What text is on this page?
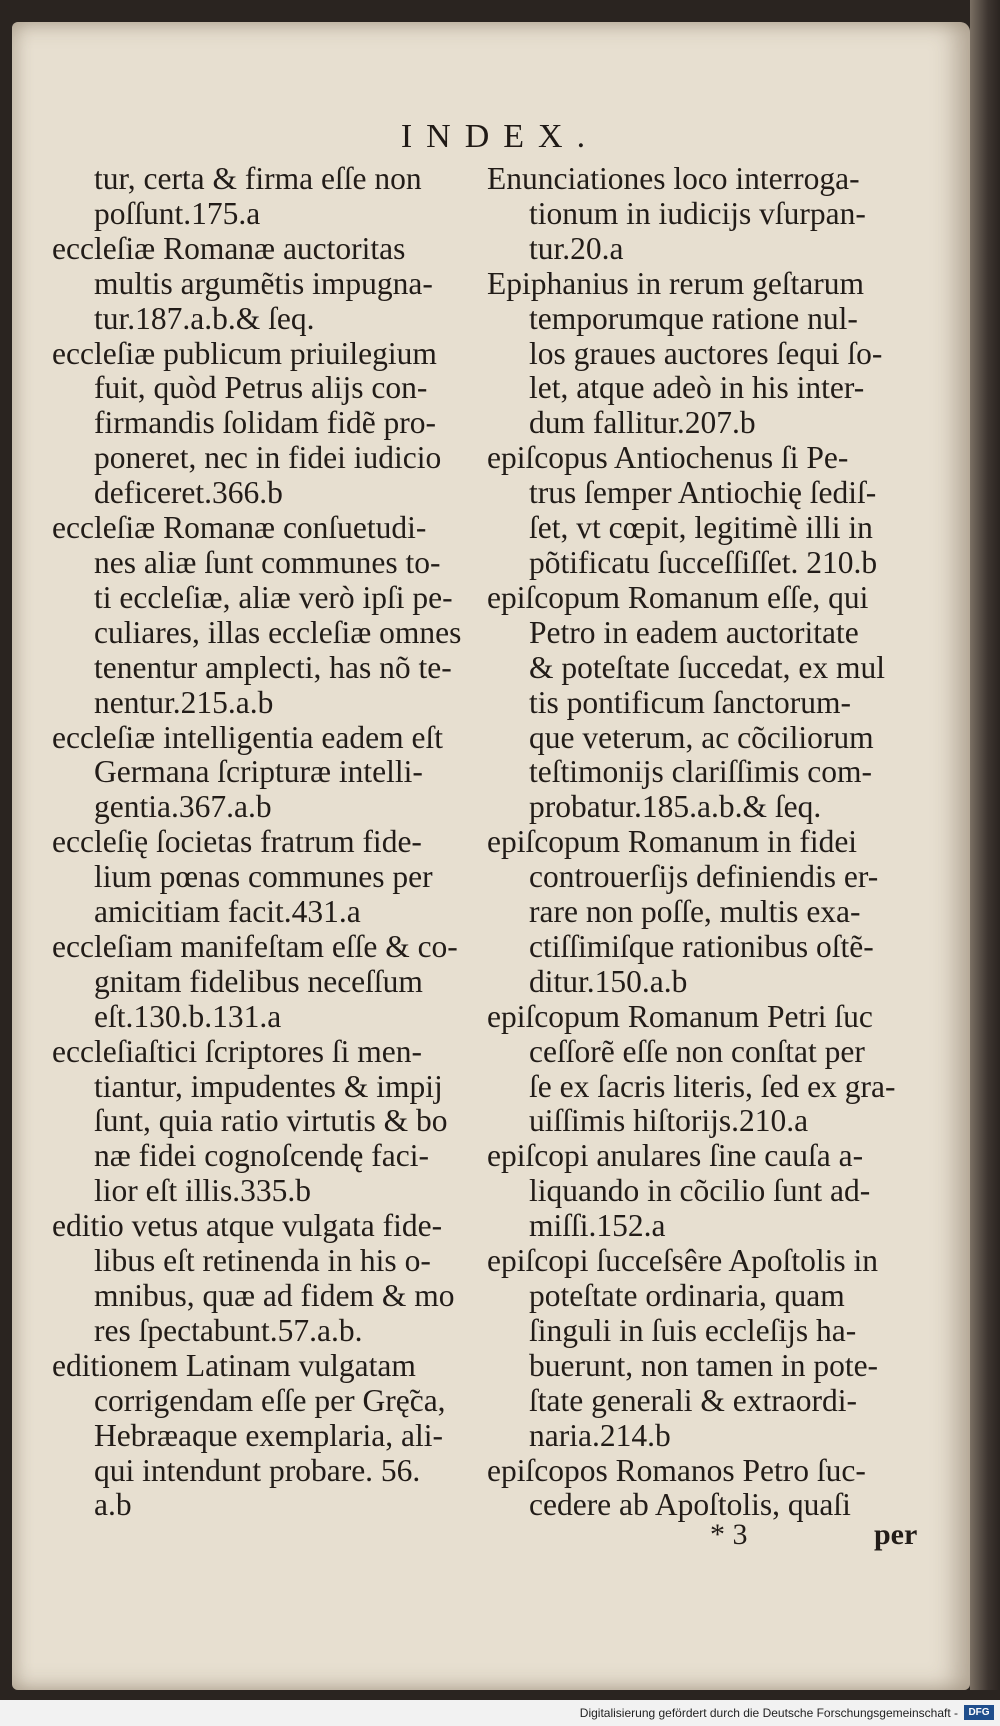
INDEX.
tur, certa & firma eſſe non
poſſunt.175.a
eccleſiæ Romanæ auctoritas
multis argumẽtis impugna-
tur.187.a.b.& ſeq.
eccleſiæ publicum priuilegium
fuit, quòd Petrus alijs con-
firmandis ſolidam fidẽ pro-
poneret, nec in fidei iudicio
deficeret.366.b
eccleſiæ Romanæ conſuetudi-
nes aliæ ſunt communes to-
ti eccleſiæ, aliæ verò ipſi pe-
culiares, illas eccleſiæ omnes
tenentur amplecti, has nõ te-
nentur.215.a.b
eccleſiæ intelligentia eadem eſt
Germana ſcripturæ intelli-
gentia.367.a.b
eccleſię ſocietas fratrum fide-
lium pœnas communes per
amicitiam facit.431.a
eccleſiam manifeſtam eſſe & co-
gnitam fidelibus neceſſum
eſt.130.b.131.a
eccleſiaſtici ſcriptores ſi men-
tiantur, impudentes & impij
ſunt, quia ratio virtutis & bo
næ fidei cognoſcendę faci-
lior eſt illis.335.b
editio vetus atque vulgata fide-
libus eſt retinenda in his o-
mnibus, quæ ad fidem & mo
res ſpectabunt.57.a.b.
editionem Latinam vulgatam
corrigendam eſſe per Grę̃ca,
Hebræaque exemplaria, ali-
qui intendunt probare. 56.
a.b
Enunciationes loco interroga-
tionum in iudicijs vſurpan-
tur.20.a
Epiphanius in rerum geſtarum
temporumque ratione nul-
los graues auctores ſequi ſo-
let, atque adeò in his inter-
dum fallitur.207.b
epiſcopus Antiochenus ſi Pe-
trus ſemper Antiochię ſediſ-
ſet, vt cœpit, legitimè illi in
põtificatu ſucceſſiſſet. 210.b
epiſcopum Romanum eſſe, qui
Petro in eadem auctoritate
& poteſtate ſuccedat, ex mul
tis pontificum ſanctorum-
que veterum, ac cõciliorum
teſtimonijs clariſſimis com-
probatur.185.a.b.& ſeq.
epiſcopum Romanum in fidei
controuerſijs definiendis er-
rare non poſſe, multis exa-
ctiſſimiſque rationibus oſtẽ-
ditur.150.a.b
epiſcopum Romanum Petri ſuc
ceſſorẽ eſſe non conſtat per
ſe ex ſacris literis, ſed ex gra-
uiſſimis hiſtorijs.210.a
epiſcopi anulares ſine cauſa a-
liquando in cõcilio ſunt ad-
miſſi.152.a
epiſcopi ſucceſsêre Apoſtolis in
poteſtate ordinaria, quam
ſinguli in ſuis eccleſijs ha-
buerunt, non tamen in pote-
ſtate generali & extraordi-
naria.214.b
epiſcopos Romanos Petro ſuc-
cedere ab Apoſtolis, quaſi
* 3	per
Digitalisierung gefördert durch die Deutsche Forschungsgemeinschaft -	DFG
